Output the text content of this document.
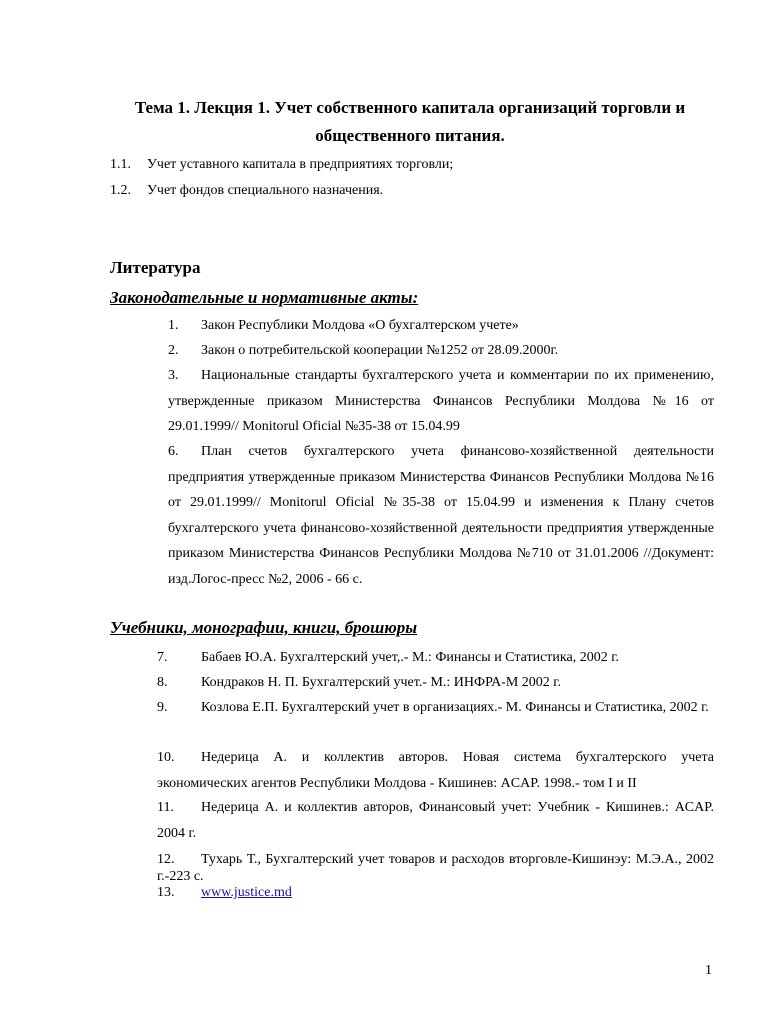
Тема 1. Лекция 1. Учет собственного капитала организаций торговли и
общественного питания.
1.1. Учет уставного капитала в предприятиях торговли;
1.2. Учет фондов специального назначения.
Литература
Законодательные и нормативные акты:
1. Закон Республики Молдова «О бухгалтерском учете»
2. Закон о потребительской кооперации №1252 от 28.09.2000г.
3. Национальные стандарты бухгалтерского учета и комментарии по их применению, утвержденные приказом Министерства Финансов Республики Молдова №16 от 29.01.1999// Monitorul Oficial №35-38 от 15.04.99
6. План счетов бухгалтерского учета финансово-хозяйственной деятельности предприятия утвержденные приказом Министерства Финансов Республики Молдова №16 от 29.01.1999// Monitorul Oficial №35-38 от 15.04.99 и изменения к Плану счетов бухгалтерского учета финансово-хозяйственной деятельности предприятия утвержденные приказом Министерства Финансов Республики Молдова №710 от 31.01.2006 //Документ: изд.Логос-пресс №2, 2006 - 66 с.
Учебники, монографии, книги, брошюры
7. Бабаев Ю.А. Бухгалтерский учет,.- М.: Финансы и Статистика, 2002 г.
8. Кондраков Н. П. Бухгалтерский учет.- М.: ИНФРА-М 2002 г.
9. Козлова Е.П. Бухгалтерский учет в организациях.- М. Финансы и Статистика, 2002 г.
10. Недерица А. и коллектив авторов. Новая система бухгалтерского учета экономических агентов Республики Молдова - Кишинев: ACAP. 1998.- том I и II
11. Недерица А. и коллектив авторов, Финансовый учет: Учебник - Кишинев.: ACAP. 2004 г.
12. Тухарь Т., Бухгалтерский учет товаров и расходов вторговле-Кишинэу: М.Э.А., 2002 г.-223 с.
13. www.justice.md
1
